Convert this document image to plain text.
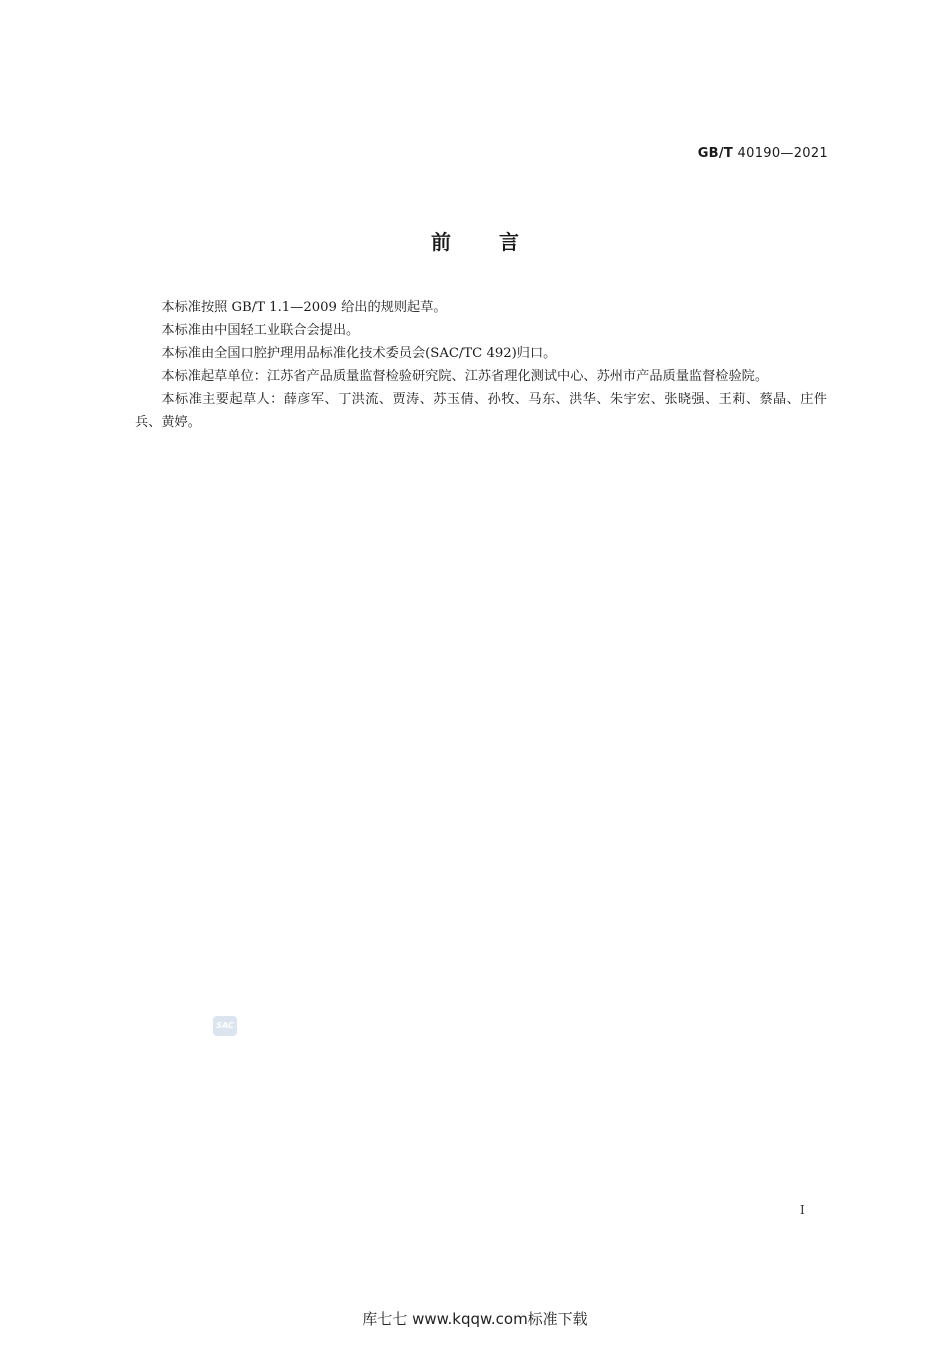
GB/T 40190—2021
前言

本标准按照 GB/T 1.1—2009 给出的规则起草。

本标准由中国轻工业联合会提出。

本标准由全国口腔护理用品标准化技术委员会(SAC/TC 492)归口。

本标准起草单位：江苏省产品质量监督检验研究院、江苏省理化测试中心、苏州市产品质量监督检验院。

本标准主要起草人：薛彦军、丁洪流、贾涛、苏玉倩、孙牧、马东、洪华、朱宇宏、张晓强、王莉、蔡晶、庄件兵、黄婷。

SAC
I
库七七 www.kqqw.com标准下载
